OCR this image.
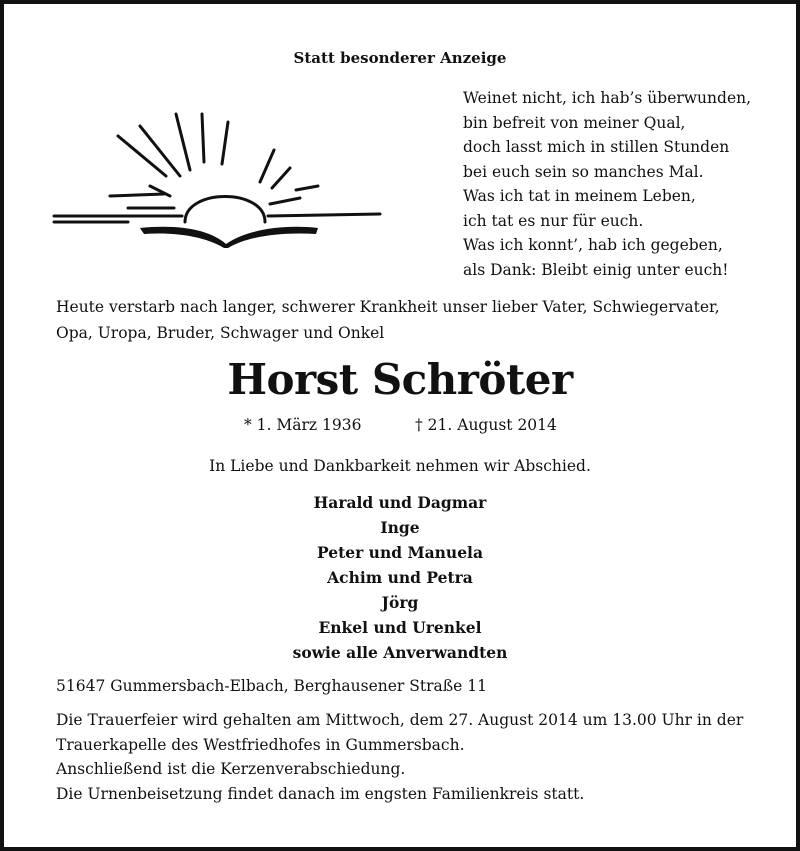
Statt besonderer Anzeige
Weinet nicht, ich hab’s überwunden,
bin befreit von meiner Qual,
doch lasst mich in stillen Stunden
bei euch sein so manches Mal.
Was ich tat in meinem Leben,
ich tat es nur für euch.
Was ich konnt’, hab ich gegeben,
als Dank: Bleibt einig unter euch!
Heute verstarb nach langer, schwerer Krankheit unser lieber Vater, Schwiegervater, Opa, Uropa, Bruder, Schwager und Onkel
Horst Schröter
* 1. März 1936	† 21. August 2014
In Liebe und Dankbarkeit nehmen wir Abschied.
Harald und Dagmar
Inge
Peter und Manuela
Achim und Petra
Jörg
Enkel und Urenkel
sowie alle Anverwandten
51647 Gummersbach-Elbach, Berghausener Straße 11
Die Trauerfeier wird gehalten am Mittwoch, dem 27. August 2014 um 13.00 Uhr in der
Trauerkapelle des Westfriedhofes in Gummersbach.
Anschließend ist die Kerzenverabschiedung.
Die Urnenbeisetzung findet danach im engsten Familienkreis statt.
